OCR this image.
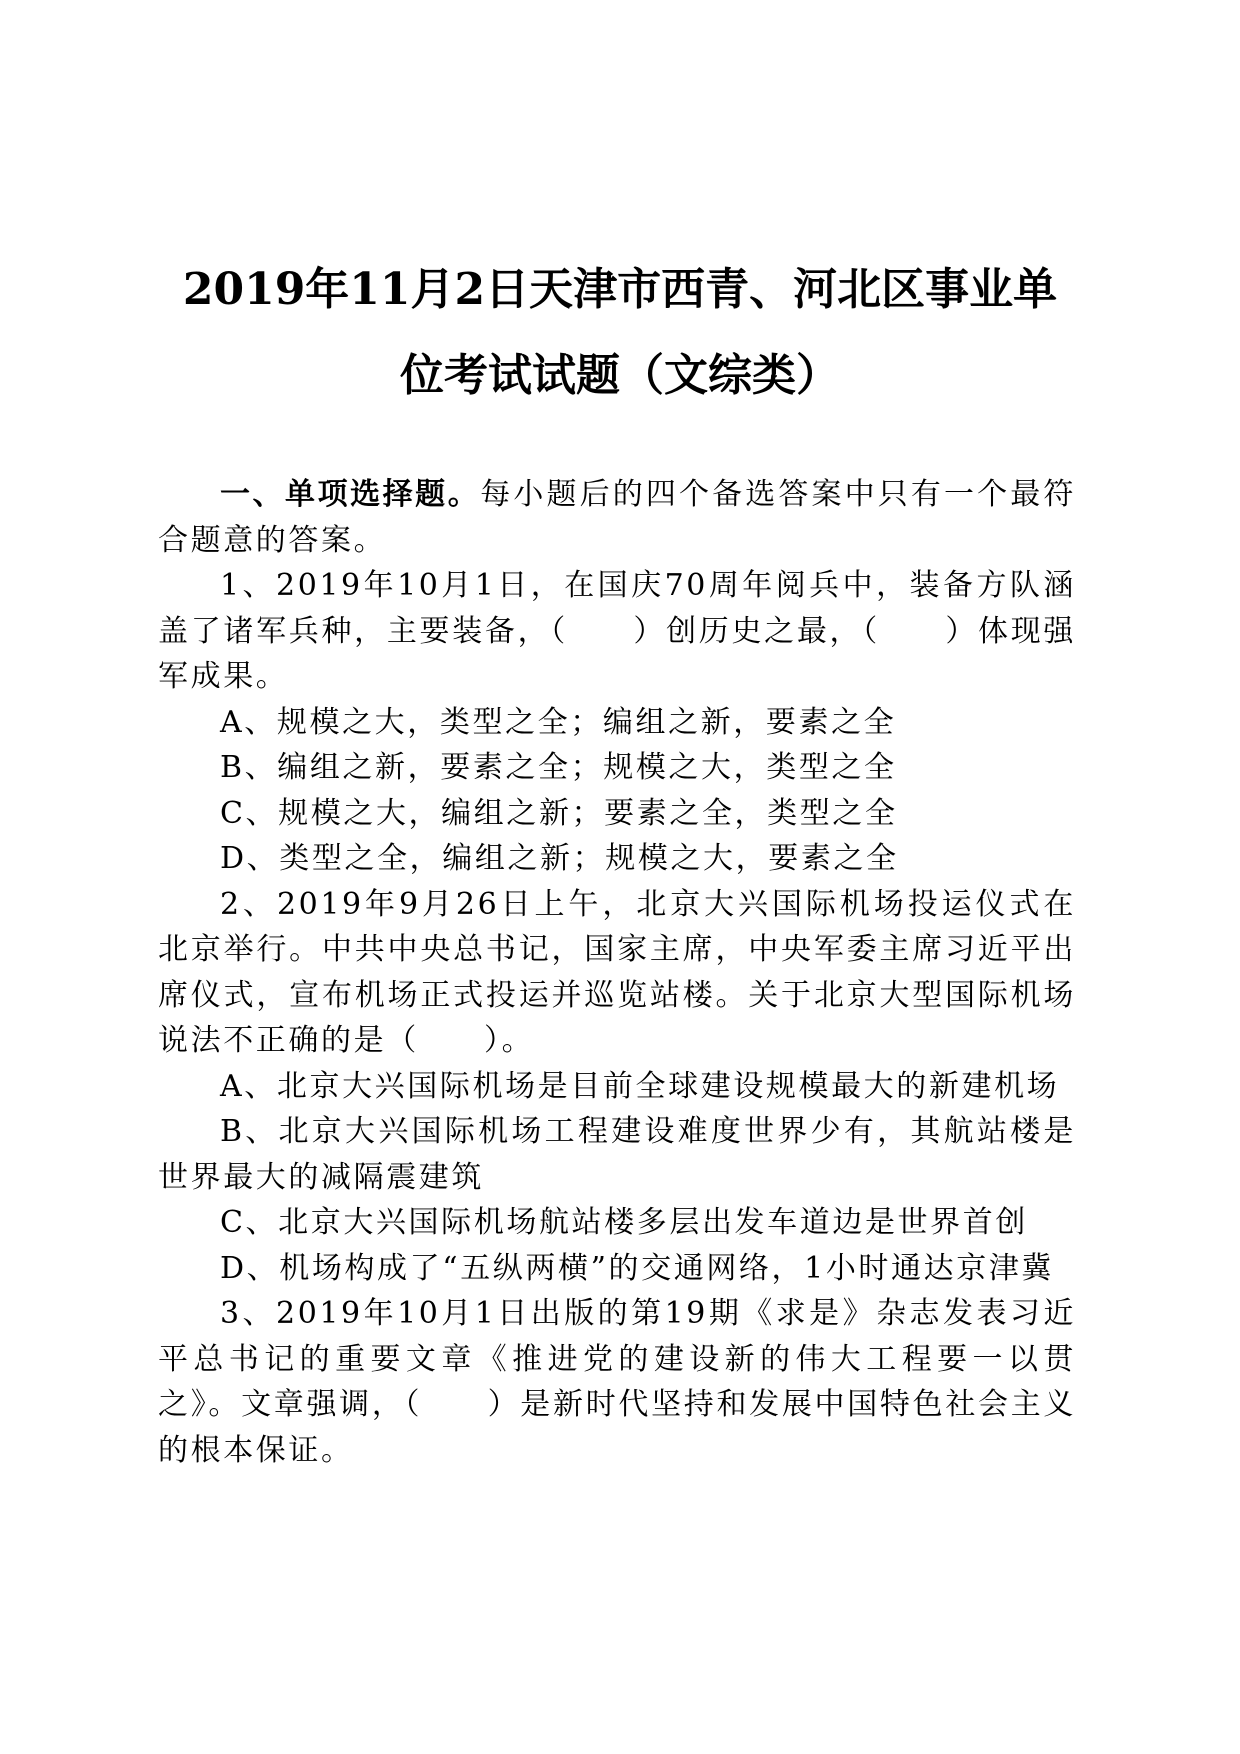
2019年11月2日天津市西青、河北区事业单
位考试试题（文综类）

一、单项选择题。每小题后的四个备选答案中只有一个最符合题意的答案。

1、2019年10月1日，在国庆70周年阅兵中，装备方队涵盖了诸军兵种，主要装备，（　　）创历史之最，（　　）体现强军成果。

A、规模之大，类型之全；编组之新，要素之全

B、编组之新，要素之全；规模之大，类型之全

C、规模之大，编组之新；要素之全，类型之全

D、类型之全，编组之新；规模之大，要素之全

2、2019年9月26日上午，北京大兴国际机场投运仪式在北京举行。中共中央总书记，国家主席，中央军委主席习近平出席仪式，宣布机场正式投运并巡览站楼。关于北京大型国际机场说法不正确的是（　　）。

A、北京大兴国际机场是目前全球建设规模最大的新建机场

B、北京大兴国际机场工程建设难度世界少有，其航站楼是世界最大的减隔震建筑

C、北京大兴国际机场航站楼多层出发车道边是世界首创

D、机场构成了“五纵两横”的交通网络，1小时通达京津冀

3、2019年10月1日出版的第19期《求是》杂志发表习近平总书记的重要文章《推进党的建设新的伟大工程要一以贯之》。文章强调，（　　）是新时代坚持和发展中国特色社会主义的根本保证。
